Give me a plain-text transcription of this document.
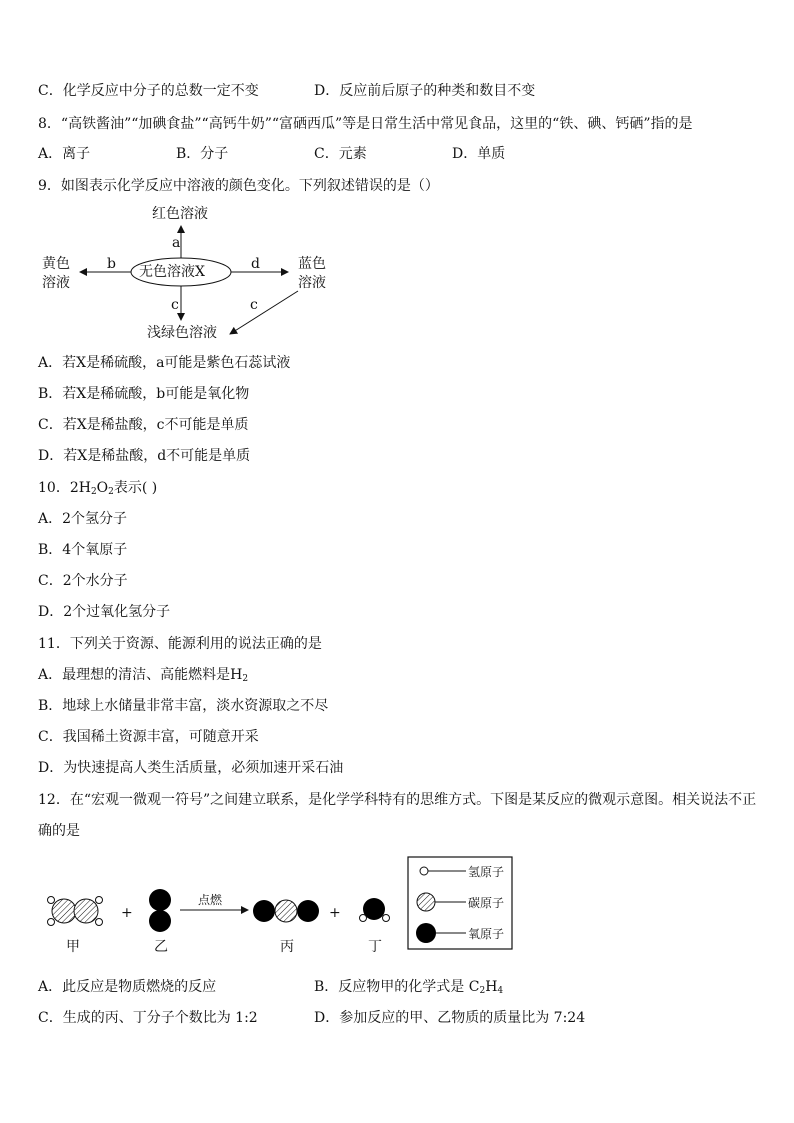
C．化学反应中分子的总数一定不变	D．反应前后原子的种类和数目不变
8．“高铁酱油”“加碘食盐”“高钙牛奶”“富硒西瓜”等是日常生活中常见食品，这里的“铁、碘、钙硒”指的是
A．离子	B．分子	C．元素	D．单质
9．如图表示化学反应中溶液的颜色变化。下列叙述错误的是（）
红色溶液
无色溶液X
黄色
溶液
蓝色
溶液
浅绿色溶液
a
b	d
c	c
A．若X是稀硫酸，a可能是紫色石蕊试液
B．若X是稀硫酸，b可能是氧化物
C．若X是稀盐酸，c不可能是单质
D．若X是稀盐酸，d不可能是单质
10．$2H_2O_2$表示( )
A．2个氢分子
B．4个氧原子
C．2个水分子
D．2个过氧化氢分子
11．下列关于资源、能源利用的说法正确的是
A．最理想的清洁、高能燃料是$H_2$
B．地球上水储量非常丰富，淡水资源取之不尽
C．我国稀土资源丰富，可随意开采
D．为快速提高人类生活质量，必须加速开采石油
12．在“宏观一微观一符号”之间建立联系，是化学学科特有的思维方式。下图是某反应的微观示意图。相关说法不正
确的是
甲	乙	丙	丁
+	+
点燃
氢原子
碳原子
氧原子
A．此反应是物质燃烧的反应	B．反应物甲的化学式是 $C_2H_4$
C．生成的丙、丁分子个数比为 1:2	D．参加反应的甲、乙物质的质量比为 7:24
